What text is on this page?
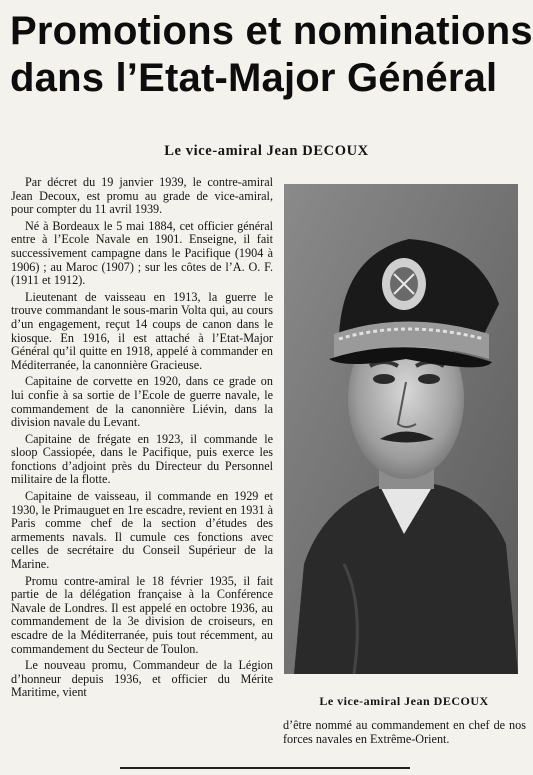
Promotions et nominations
dans l’Etat-Major Général
Le vice-amiral Jean DECOUX

Par décret du 19 janvier 1939, le contre-amiral Jean Decoux, est promu au grade de vice-amiral, pour compter du 11 avril 1939.

Né à Bordeaux le 5 mai 1884, cet officier général entre à l’Ecole Navale en 1901. Enseigne, il fait successivement campagne dans le Pacifique (1904 à 1906) ; au Maroc (1907) ; sur les côtes de l’A. O. F. (1911 et 1912).

Lieutenant de vaisseau en 1913, la guerre le trouve commandant le sous-marin Volta qui, au cours d’un engagement, reçut 14 coups de canon dans le kiosque. En 1916, il est attaché à l’Etat-Major Général qu’il quitte en 1918, appelé à commander en Méditerranée, la canonnière Gracieuse.

Capitaine de corvette en 1920, dans ce grade on lui confie à sa sortie de l’Ecole de guerre navale, le commandement de la canonnière Liévin, dans la division navale du Levant.

Capitaine de frégate en 1923, il commande le sloop Cassiopée, dans le Pacifique, puis exerce les fonctions d’adjoint près du Directeur du Personnel militaire de la flotte.

Capitaine de vaisseau, il commande en 1929 et 1930, le Primauguet en 1re escadre, revient en 1931 à Paris comme chef de la section d’études des armements navals. Il cumule ces fonctions avec celles de secrétaire du Conseil Supérieur de la Marine.

Promu contre-amiral le 18 février 1935, il fait partie de la délégation française à la Conférence Navale de Londres. Il est appelé en octobre 1936, au commandement de la 3e division de croiseurs, en escadre de la Méditerranée, puis tout récemment, au commandement du Secteur de Toulon.

Le nouveau promu, Commandeur de la Légion d’honneur depuis 1936, et officier du Mérite Maritime, vient

Le vice-amiral Jean DECOUX
d’être nommé au commandement en chef de nos forces navales en Extrême-Orient.
